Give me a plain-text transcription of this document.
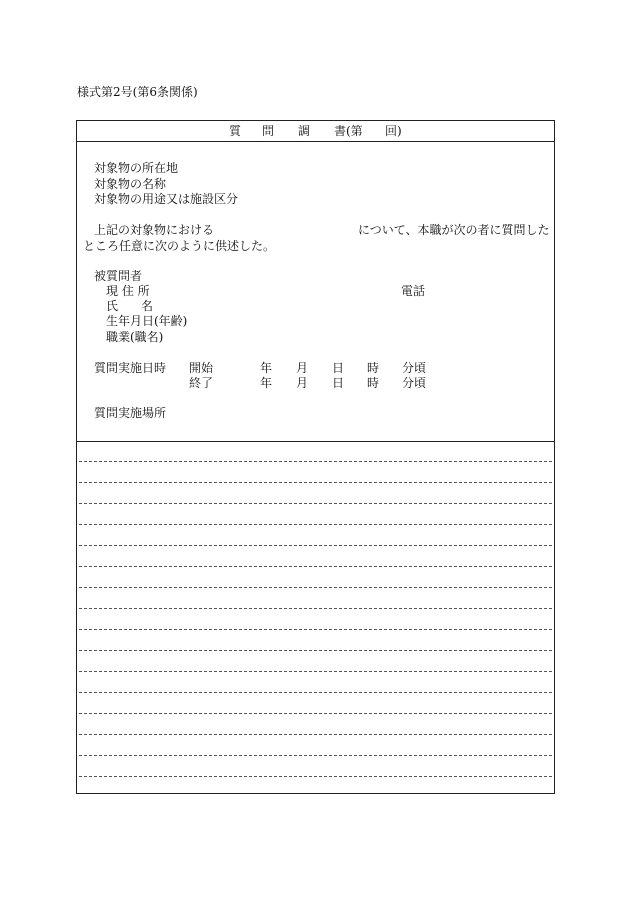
様式第2号(第6条関係)
質 問 調 書 (第 回)
対象物の所在地
対象物の名称
対象物の用途又は施設区分
上記の対象物における	について、本職が次の者に質問した
ところ任意に次のように供述した。
被質問者
現 住 所	電話
氏 名
生年月日(年齢)
職業(職名)
質問実施日時 開始	年 月 日 時 分頃
終了	年 月 日 時 分頃
質問実施場所
